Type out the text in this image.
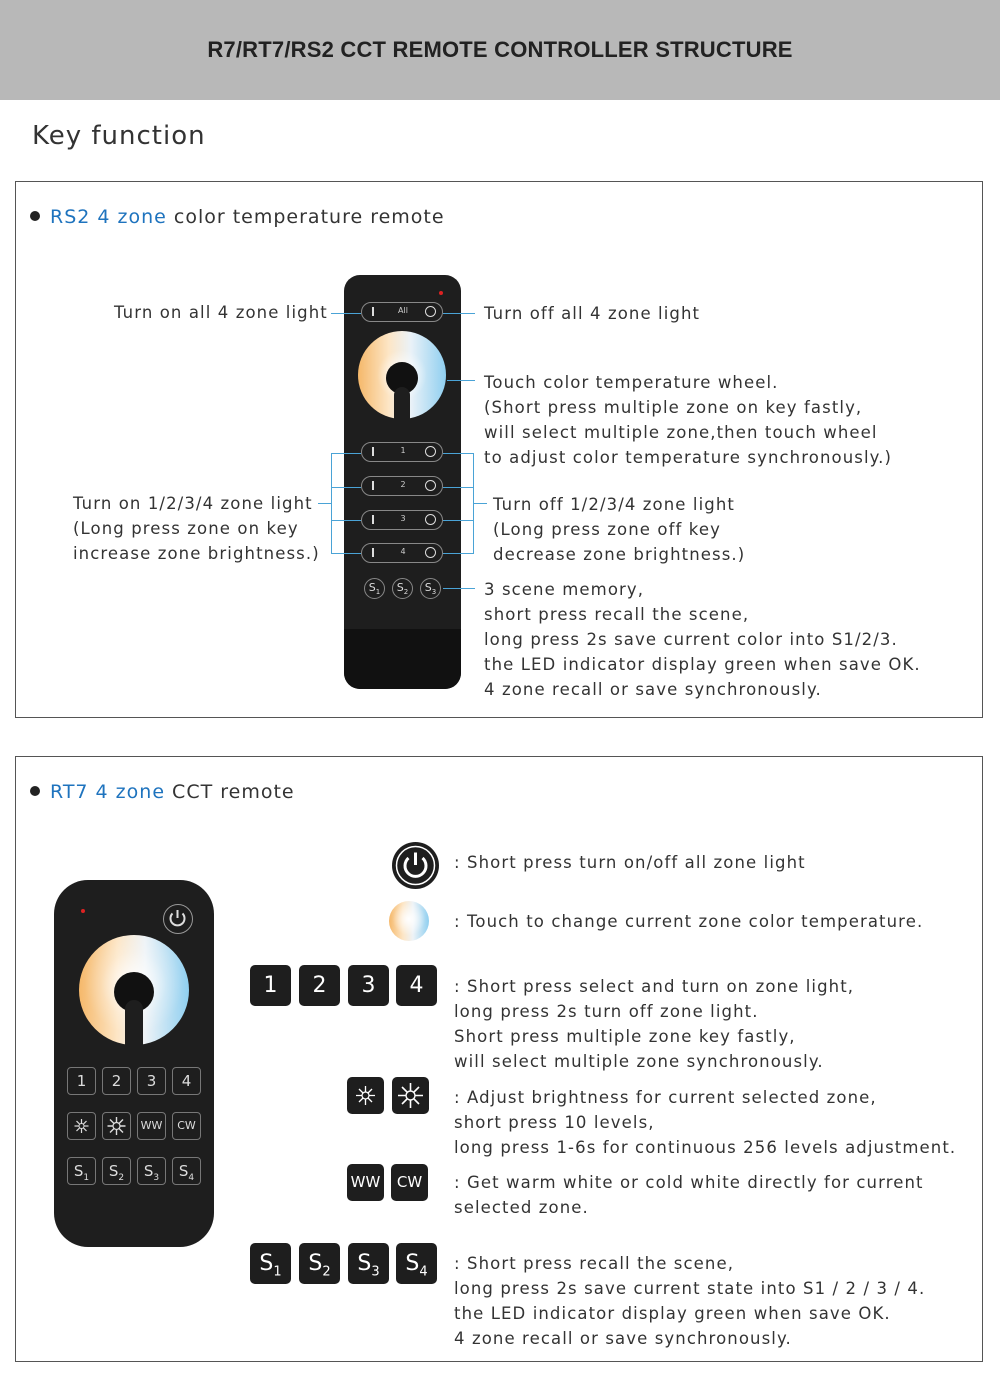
R7/RT7/RS2 CCT REMOTE CONTROLLER STRUCTURE
Key function
RS2 4 zone color temperature remote
All
1
2
3
4
$S_1$	$S_2$	$S_3$
Turn on all 4 zone light	Turn off all 4 zone light
Touch color temperature wheel.
(Short press multiple zone on key fastly,
will select multiple zone,then touch wheel
to adjust color temperature synchronously.)
Turn on 1/2/3/4 zone light
(Long press zone on key
increase zone brightness.)
Turn off 1/2/3/4 zone light
(Long press zone off key
decrease zone brightness.)
3 scene memory,
short press recall the scene,
long press 2s save current color into S1/2/3.
the LED indicator display green when save OK.
4 zone recall or save synchronously.
RT7 4 zone CCT remote
1	2	3	4
WW	CW
$S_1$	$S_2$	$S_3$	$S_4$
1	2	3	4
WW	CW
$S_1$	$S_2$	$S_3$	$S_4$
: Short press turn on/off all zone light
: Touch to change current zone color temperature.
: Short press select and turn on zone light,
long press 2s turn off zone light.
Short press multiple zone key fastly,
will select multiple zone synchronously.
: Adjust brightness for current selected zone,
short press 10 levels,
long press 1-6s for continuous 256 levels adjustment.
: Get warm white or cold white directly for current
selected zone.
: Short press recall the scene,
long press 2s save current state into S1 / 2 / 3 / 4.
the LED indicator display green when save OK.
4 zone recall or save synchronously.
